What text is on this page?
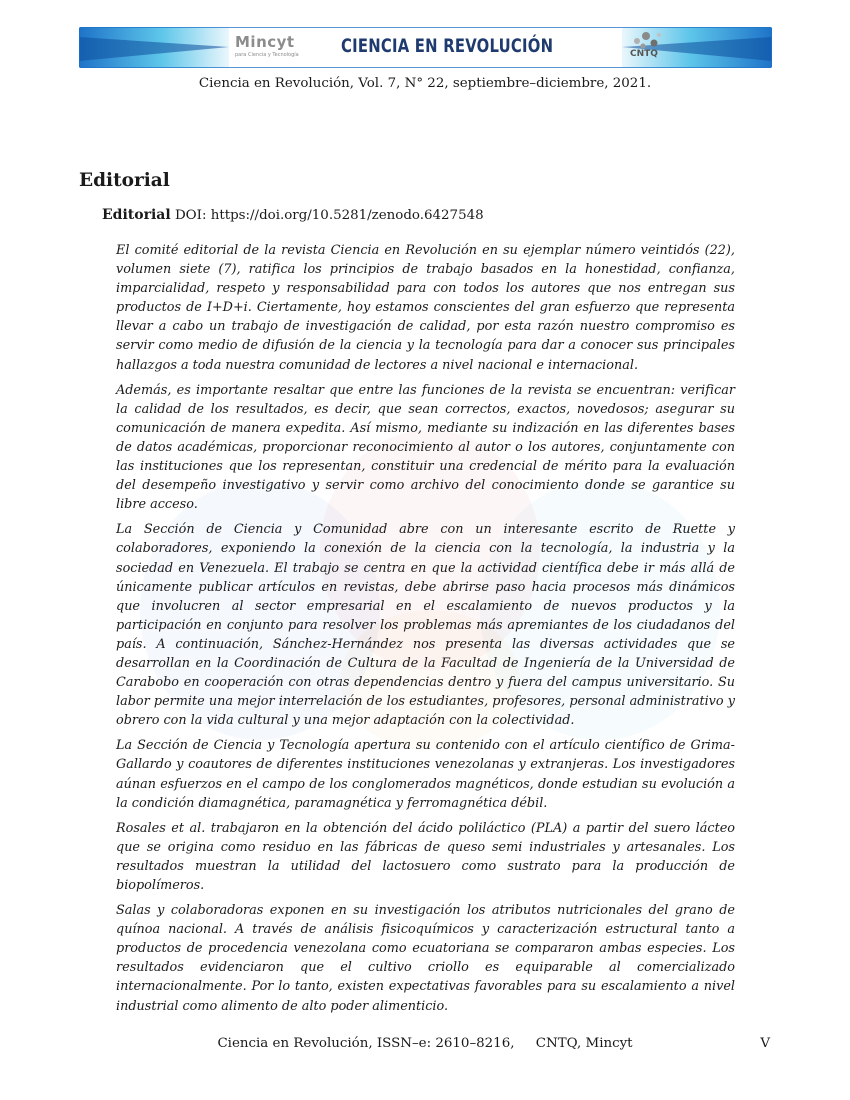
Mincyt
para Ciencia y Tecnología CIENCIA EN REVOLUCIÓN	CNTQ
Ciencia en Revolución, Vol. 7, N° 22, septiembre–diciembre, 2021.
Editorial
Editorial DOI: https://doi.org/10.5281/zenodo.6427548

El comité editorial de la revista Ciencia en Revolución en su ejemplar número veintidós (22), volumen siete (7), ratifica los principios de trabajo basados en la honestidad, confianza, imparcialidad, respeto y responsabilidad para con todos los autores que nos entregan sus productos de I+D+i. Ciertamente, hoy estamos conscientes del gran esfuerzo que representa llevar a cabo un trabajo de investigación de calidad, por esta razón nuestro compromiso es servir como medio de difusión de la ciencia y la tecnología para dar a conocer sus principales hallazgos a toda nuestra comunidad de lectores a nivel nacional e internacional.

Además, es importante resaltar que entre las funciones de la revista se encuentran: verificar la calidad de los resultados, es decir, que sean correctos, exactos, novedosos; asegurar su comunicación de manera expedita. Así mismo, mediante su indización en las diferentes bases de datos académicas, proporcionar reconocimiento al autor o los autores, conjuntamente con las instituciones que los representan, constituir una credencial de mérito para la evaluación del desempeño investigativo y servir como archivo del conocimiento donde se garantice su libre acceso.

La Sección de Ciencia y Comunidad abre con un interesante escrito de Ruette y colaboradores, exponiendo la conexión de la ciencia con la tecnología, la industria y la sociedad en Venezuela. El trabajo se centra en que la actividad científica debe ir más allá de únicamente publicar artículos en revistas, debe abrirse paso hacia procesos más dinámicos que involucren al sector empresarial en el escalamiento de nuevos productos y la participación en conjunto para resolver los problemas más apremiantes de los ciudadanos del país. A continuación, Sánchez-Hernández nos presenta las diversas actividades que se desarrollan en la Coordinación de Cultura de la Facultad de Ingeniería de la Universidad de Carabobo en cooperación con otras dependencias dentro y fuera del campus universitario. Su labor permite una mejor interrelación de los estudiantes, profesores, personal administrativo y obrero con la vida cultural y una mejor adaptación con la colectividad.

La Sección de Ciencia y Tecnología apertura su contenido con el artículo científico de Grima-Gallardo y coautores de diferentes instituciones venezolanas y extranjeras. Los investigadores aúnan esfuerzos en el campo de los conglomerados magnéticos, donde estudian su evolución a la condición diamagnética, paramagnética y ferromagnética débil.

Rosales et al. trabajaron en la obtención del ácido poliláctico (PLA) a partir del suero lácteo que se origina como residuo en las fábricas de queso semi industriales y artesanales. Los resultados muestran la utilidad del lactosuero como sustrato para la producción de biopolímeros.

Salas y colaboradoras exponen en su investigación los atributos nutricionales del grano de quínoa nacional. A través de análisis fisicoquímicos y caracterización estructural tanto a productos de procedencia venezolana como ecuatoriana se compararon ambas especies. Los resultados evidenciaron que el cultivo criollo es equiparable al comercializado internacionalmente. Por lo tanto, existen expectativas favorables para su escalamiento a nivel industrial como alimento de alto poder alimenticio.

Ciencia en Revolución, ISSN–e: 2610–8216,     CNTQ, Mincyt	V
